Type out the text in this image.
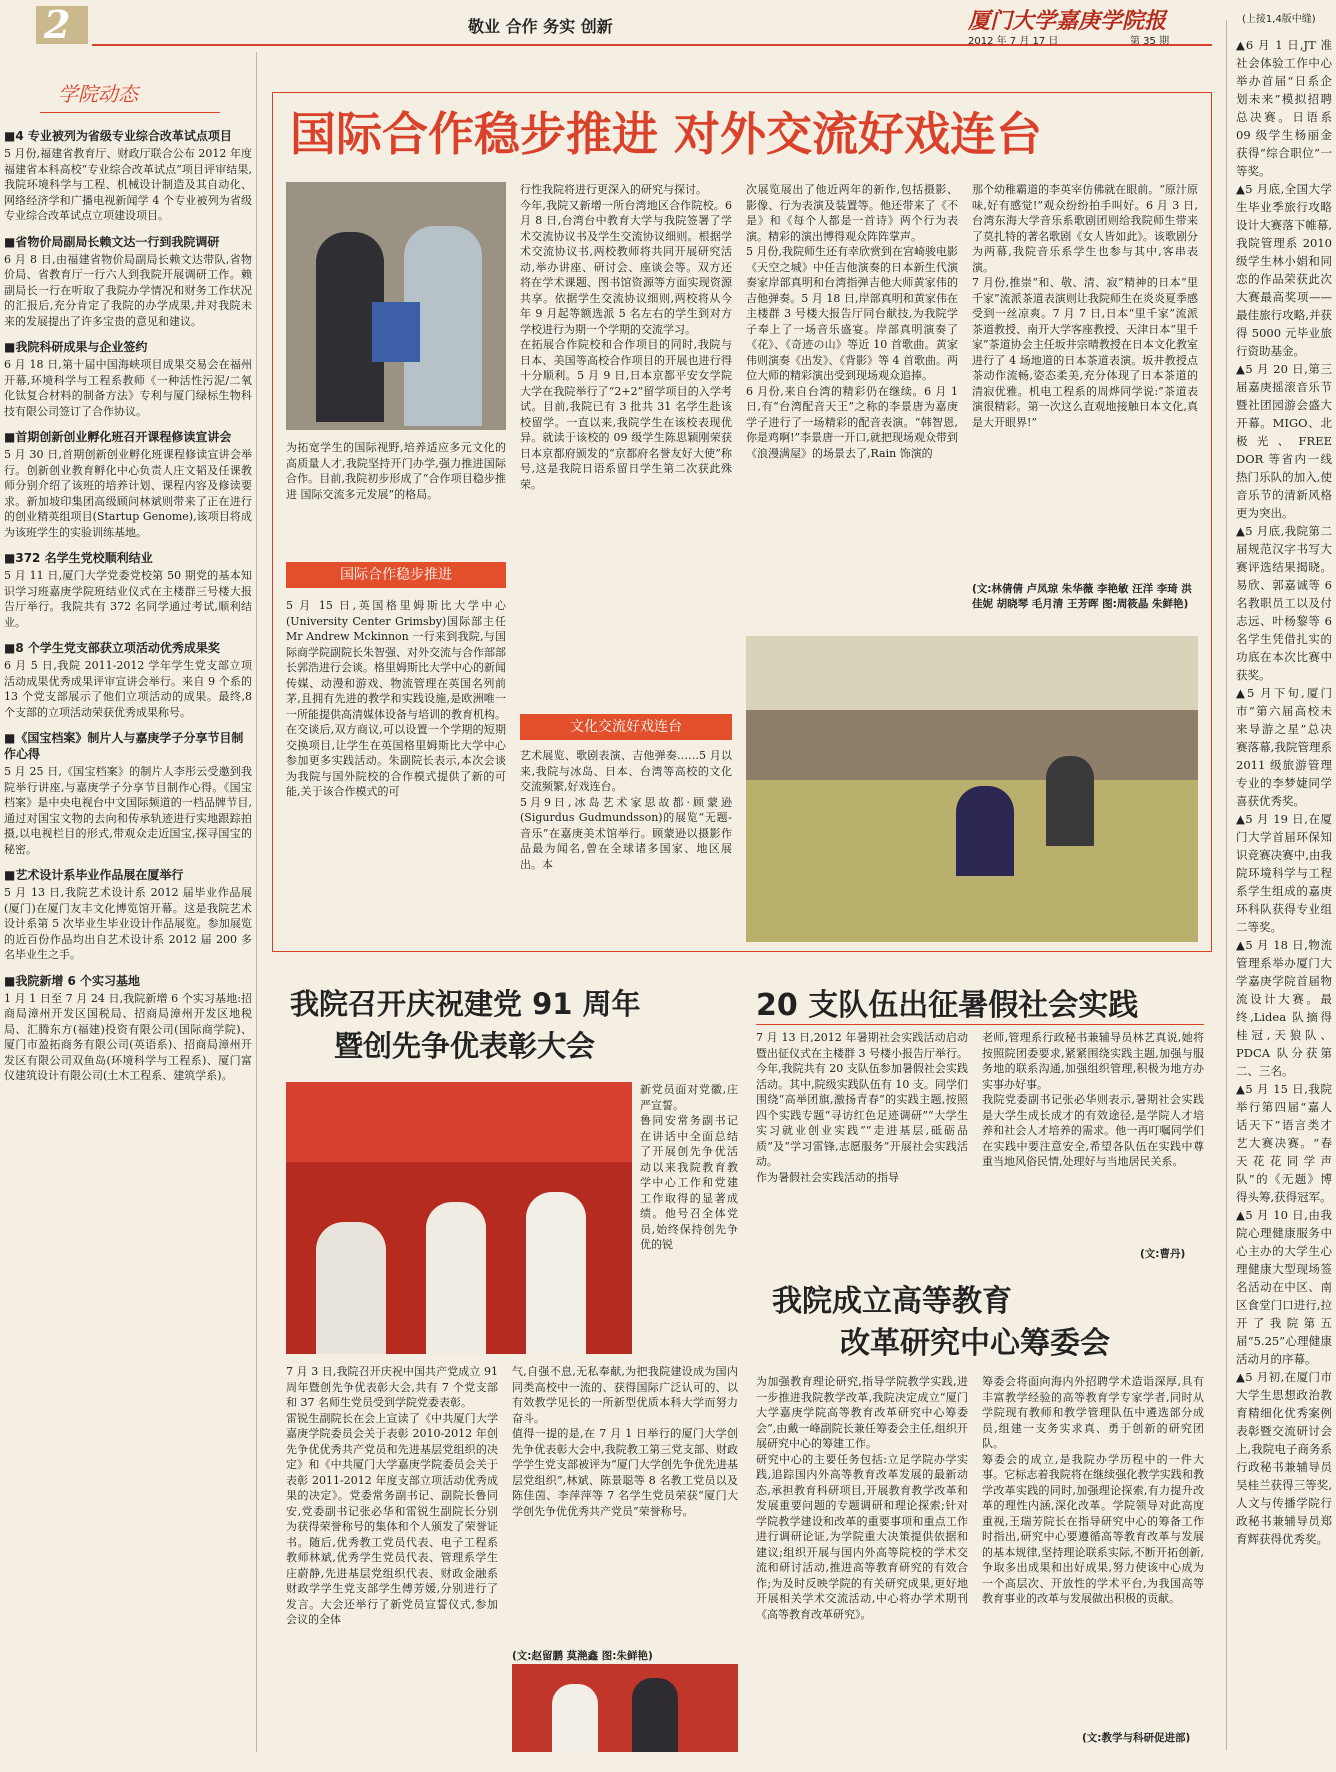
2	敬业 合作 务实 创新	厦门大学嘉庚学院报
2012 年 7 月 17 日	第 35 期
(上接1,4版中缝)
学院动态
■4 专业被列为省级专业综合改革试点项目

5 月份,福建省教育厅、财政厅联合公布 2012 年度福建省本科高校“专业综合改革试点”项目评审结果,我院环境科学与工程、机械设计制造及其自动化、网络经济学和广播电视新闻学 4 个专业被列为省级专业综合改革试点立项建设项目。

■省物价局副局长赖文达一行到我院调研

6 月 8 日,由福建省物价局副局长赖文达带队,省物价局、省教育厅一行六人到我院开展调研工作。赖副局长一行在听取了我院办学情况和财务工作状况的汇报后,充分肯定了我院的办学成果,并对我院未来的发展提出了许多宝贵的意见和建议。

■我院科研成果与企业签约

6 月 18 日,第十届中国海峡项目成果交易会在福州开幕,环境科学与工程系教师《一种活性污泥/二氧化钛复合材料的制备方法》专利与厦门绿标生物科技有限公司签订了合作协议。

■首期创新创业孵化班召开课程修读宣讲会

5 月 30 日,首期创新创业孵化班课程修读宣讲会举行。创新创业教育孵化中心负责人庄文韬及任课教师分别介绍了该班的培养计划、课程内容及修读要求。新加坡印集团高级顾问林斌则带来了正在进行的创业精英组项目(Startup Genome),该项目将成为该班学生的实验训练基地。

■372 名学生党校顺利结业

5 月 11 日,厦门大学党委党校第 50 期党的基本知识学习班嘉庚学院班结业仪式在主楼群三号楼大报告厅举行。我院共有 372 名同学通过考试,顺利结业。

■8 个学生党支部获立项活动优秀成果奖

6 月 5 日,我院 2011-2012 学年学生党支部立项活动成果优秀成果评审宣讲会举行。来自 9 个系的 13 个党支部展示了他们立项活动的成果。最终,8 个支部的立项活动荣获优秀成果称号。

■《国宝档案》制片人与嘉庚学子分享节目制作心得

5 月 25 日,《国宝档案》的制片人李彤云受邀到我院举行讲座,与嘉庚学子分享节目制作心得。《国宝档案》是中央电视台中文国际频道的一档品牌节目,通过对国宝文物的去向和传承轨迹进行实地跟踪拍摄,以电视栏目的形式,带观众走近国宝,探寻国宝的秘密。

■艺术设计系毕业作品展在厦举行

5 月 13 日,我院艺术设计系 2012 届毕业作品展(厦门)在厦门友丰文化博览馆开幕。这是我院艺术设计系第 5 次毕业生毕业设计作品展览。参加展览的近百份作品均出自艺术设计系 2012 届 200 多名毕业生之手。

■我院新增 6 个实习基地

1 月 1 日至 7 月 24 日,我院新增 6 个实习基地:招商局漳州开发区国税局、招商局漳州开发区地税局、汇腾东方(福建)投资有限公司(国际商学院)、厦门市盈拓商务有限公司(英语系)、招商局漳州开发区有限公司双鱼岛(环境科学与工程系)、厦门富仪建筑设计有限公司(土木工程系、建筑学系)。

国际合作稳步推进 对外交流好戏连台
为拓宽学生的国际视野,培养适应多元文化的高质量人才,我院坚持开门办学,强力推进国际合作。目前,我院初步形成了“合作项目稳步推进 国际交流多元发展”的格局。
国际合作稳步推进
5 月 15 日,英国格里姆斯比大学中心(University Center Grimsby)国际部主任 Mr Andrew Mckinnon 一行来到我院,与国际商学院副院长朱智强、对外交流与合作部部长郭浩进行会谈。格里姆斯比大学中心的新闻传媒、动漫和游戏、物流管理在英国名列前茅,且拥有先进的教学和实践设施,是欧洲唯一一所能提供高清媒体设备与培训的教育机构。在交谈后,双方商议,可以设置一个学期的短期交换项目,让学生在英国格里姆斯比大学中心参加更多实践活动。朱副院长表示,本次会谈为我院与国外院校的合作模式提供了新的可能,关于该合作模式的可
行性我院将进行更深入的研究与探讨。
今年,我院又新增一所台湾地区合作院校。6 月 8 日,台湾台中教育大学与我院签署了学术交流协议书及学生交流协议细则。根据学术交流协议书,两校教师将共同开展研究活动,举办讲座、研讨会、座谈会等。双方还将在学术课题、图书馆资源等方面实现资源共享。依据学生交流协议细则,两校将从今年 9 月起等额选派 5 名左右的学生到对方学校进行为期一个学期的交流学习。
在拓展合作院校和合作项目的同时,我院与日本、美国等高校合作项目的开展也进行得十分顺利。5 月 9 日,日本京都平安女学院大学在我院举行了“2+2”留学项目的入学考试。目前,我院已有 3 批共 31 名学生赴该校留学。一直以来,我院学生在该校表现优异。就读于该校的 09 级学生陈思颖刚荣获日本京都府颁发的“京都府名誉友好大使”称号,这是我院日语系留日学生第二次获此殊荣。
文化交流好戏连台
艺术展览、歌剧表演、吉他弹奏……5 月以来,我院与冰岛、日本、台湾等高校的文化交流频繁,好戏连台。
5月9日,冰岛艺术家思故都·顾蒙逊(Sigurdus Gudmundsson)的展览“无题-音乐”在嘉庚美术馆举行。顾蒙逊以摄影作品最为闻名,曾在全球诸多国家、地区展出。本
次展览展出了他近两年的新作,包括摄影、影像、行为表演及装置等。他还带来了《不是》和《每个人都是一首诗》两个行为表演。精彩的演出博得观众阵阵掌声。
5 月份,我院师生还有幸欣赏到在宫崎骏电影《天空之城》中任吉他演奏的日本新生代演奏家岸部真明和台湾指弹吉他大师黄家伟的吉他弹奏。5 月 18 日,岸部真明和黄家伟在主楼群 3 号楼大报告厅同台献技,为我院学子奉上了一场音乐盛宴。岸部真明演奏了《花》、《奇迹の山》等近 10 首歌曲。黄家伟则演奏《出发》、《背影》等 4 首歌曲。两位大师的精彩演出受到现场观众追捧。
6 月份,来自台湾的精彩仍在继续。6 月 1 日,有“台湾配音天王”之称的李景唐为嘉庚学子进行了一场精彩的配音表演。“韩智恩,你是鸡啊!”李景唐一开口,就把现场观众带到《浪漫满屋》的场景去了,Rain 饰演的
那个幼稚霸道的李英宰仿佛就在眼前。“原汁原味,好有感觉!”观众纷纷拍手叫好。6 月 3 日,台湾东海大学音乐系歌剧团则给我院师生带来了莫扎特的著名歌剧《女人皆如此》。该歌剧分为两幕,我院音乐系学生也参与其中,客串表演。
7 月份,推崇“和、敬、清、寂”精神的日本“里千家”流派茶道表演则让我院师生在炎炎夏季感受到一丝凉爽。7 月 7 日,日本“里千家”流派茶道教授、南开大学客座教授、天津日本“里千家”茶道协会主任坂井宗晴教授在日本文化教室进行了 4 场地道的日本茶道表演。坂井教授点茶动作流畅,姿态柔美,充分体现了日本茶道的清寂优雅。机电工程系的周烨同学说:“茶道表演很精彩。第一次这么直观地接触日本文化,真是大开眼界!”
(文:林倩倩 卢凤琼 朱华薇 李艳敏 汪洋 李琦 洪佳妮 胡晓琴 毛月清 王芳晖 图:周筱晶 朱鲜艳)
我院召开庆祝建党 91 周年
暨创先争优表彰大会
新党员面对党徽,庄严宣誓。
鲁同安常务副书记在讲话中全面总结了开展创先争优活动以来我院教育教学中心工作和党建工作取得的显著成绩。他号召全体党员,始终保持创先争优的锐
7 月 3 日,我院召开庆祝中国共产党成立 91 周年暨创先争优表彰大会,共有 7 个党支部和 37 名师生党员受到学院党委表彰。
雷锐生副院长在会上宣读了《中共厦门大学嘉庚学院委员会关于表彰 2010-2012 年创先争优优秀共产党员和先进基层党组织的决定》和《中共厦门大学嘉庚学院委员会关于表彰 2011-2012 年度支部立项活动优秀成果的决定》。党委常务副书记、副院长鲁同安,党委副书记张必华和雷锐生副院长分别为获得荣誉称号的集体和个人颁发了荣誉证书。随后,优秀教工党员代表、电子工程系教师林斌,优秀学生党员代表、管理系学生庄蔚静,先进基层党组织代表、财政金融系财政学学生党支部学生傅芳媛,分别进行了发言。大会还举行了新党员宣誓仪式,参加会议的全体
气,自强不息,无私奉献,为把我院建设成为国内同类高校中一流的、获得国际广泛认可的、以有效教学见长的一所新型优质本科大学而努力奋斗。
值得一提的是,在 7 月 1 日举行的厦门大学创先争优表彰大会中,我院教工第三党支部、财政学学生党支部被评为“厦门大学创先争优先进基层党组织”,林斌、陈景聪等 8 名教工党员以及陈佳茵、李萍萍等 7 名学生党员荣获“厦门大学创先争优优秀共产党员”荣誉称号。
(文:赵留鹏 莫滟鑫 图:朱鲜艳)
20 支队伍出征暑假社会实践
7 月 13 日,2012 年暑期社会实践活动启动暨出征仪式在主楼群 3 号楼小报告厅举行。
今年,我院共有 20 支队伍参加暑假社会实践活动。其中,院级实践队伍有 10 支。同学们围绕“高举团旗,激扬青春”的实践主题,按照四个实践专题“寻访红色足迹调研”“大学生实习就业创业实践”“走进基层,砥砺品质”及“学习雷锋,志愿服务”开展社会实践活动。
作为暑假社会实践活动的指导
老师,管理系行政秘书兼辅导员林艺真说,她将按照院团委要求,紧紧围绕实践主题,加强与服务地的联系沟通,加强组织管理,积极为地方办实事办好事。
我院党委副书记张必华则表示,暑期社会实践是大学生成长成才的有效途径,是学院人才培养和社会人才培养的需求。他一再叮嘱同学们在实践中要注意安全,希望各队伍在实践中尊重当地风俗民情,处理好与当地居民关系。
(文:曹丹)
我院成立高等教育
改革研究中心筹委会
为加强教育理论研究,指导学院教学实践,进一步推进我院教学改革,我院决定成立“厦门大学嘉庚学院高等教育改革研究中心筹委会”,由戴一峰副院长兼任筹委会主任,组织开展研究中心的筹建工作。
研究中心的主要任务包括:立足学院办学实践,追踪国内外高等教育改革发展的最新动态,承担教育科研项目,开展教育教学改革和发展重要问题的专题调研和理论探索;针对学院教学建设和改革的重要事项和重点工作进行调研论证,为学院重大决策提供依据和建议;组织开展与国内外高等院校的学术交流和研讨活动,推进高等教育研究的有效合作;为及时反映学院的有关研究成果,更好地开展相关学术交流活动,中心将办学术期刊《高等教育改革研究》。
筹委会将面向海内外招聘学术造诣深厚,具有丰富教学经验的高等教育学专家学者,同时从学院现有教师和教学管理队伍中遴选部分成员,组建一支务实求真、勇于创新的研究团队。
筹委会的成立,是我院办学历程中的一件大事。它标志着我院将在继续强化教学实践和教学改革实践的同时,加强理论探索,有力提升改革的理性内涵,深化改革。学院领导对此高度重视,王瑞芳院长在指导研究中心的筹备工作时指出,研究中心要遵循高等教育改革与发展的基本规律,坚持理论联系实际,不断开拓创新,争取多出成果和出好成果,努力使该中心成为一个高层次、开放性的学术平台,为我国高等教育事业的改革与发展做出积极的贡献。
(文:教学与科研促进部)

▲6 月 1 日,JT 准社会体验工作中心举办首届“日系企划未来”模拟招聘总决赛。日语系 09 级学生杨丽金获得“综合职位”一等奖。

▲5 月底,全国大学生毕业季旅行攻略设计大赛落下帷幕,我院管理系 2010 级学生林小娟和同恋的作品荣获此次大赛最高奖项——最佳旅行攻略,并获得 5000 元毕业旅行资助基金。

▲5 月 20 日,第三届嘉庚摇滚音乐节暨社团园游会盛大开幕。MIGO、北极光、FREE DOR 等省内一线热门乐队的加入,使音乐节的清新风格更为突出。

▲5 月底,我院第二届规范汉字书写大赛评选结果揭晓。易欣、郭嘉诚等 6 名教职员工以及付志远、叶杨黎等 6 名学生凭借扎实的功底在本次比赛中获奖。

▲5 月下旬,厦门市“第六届高校未来导游之星”总决赛落幕,我院管理系 2011 级旅游管理专业的李梦婕同学喜获优秀奖。

▲5 月 19 日,在厦门大学首届环保知识竞赛决赛中,由我院环境科学与工程系学生组成的嘉庚环科队获得专业组二等奖。

▲5 月 18 日,物流管理系举办厦门大学嘉庚学院首届物流设计大赛。最终,Lidea 队摘得桂冠,天狼队、PDCA 队分获第二、三名。

▲5 月 15 日,我院举行第四届“嘉人话天下”语言类才艺大赛决赛。“春天花花同学声队”的《无题》博得头筹,获得冠军。

▲5 月 10 日,由我院心理健康服务中心主办的大学生心理健康大型现场签名活动在中区、南区食堂门口进行,拉开了我院第五届“5.25”心理健康活动月的序幕。

▲5 月初,在厦门市大学生思想政治教育精细化优秀案例表彰暨交流研讨会上,我院电子商务系行政秘书兼辅导员吴桂兰获得三等奖,人文与传播学院行政秘书兼辅导员郑育辉获得优秀奖。
